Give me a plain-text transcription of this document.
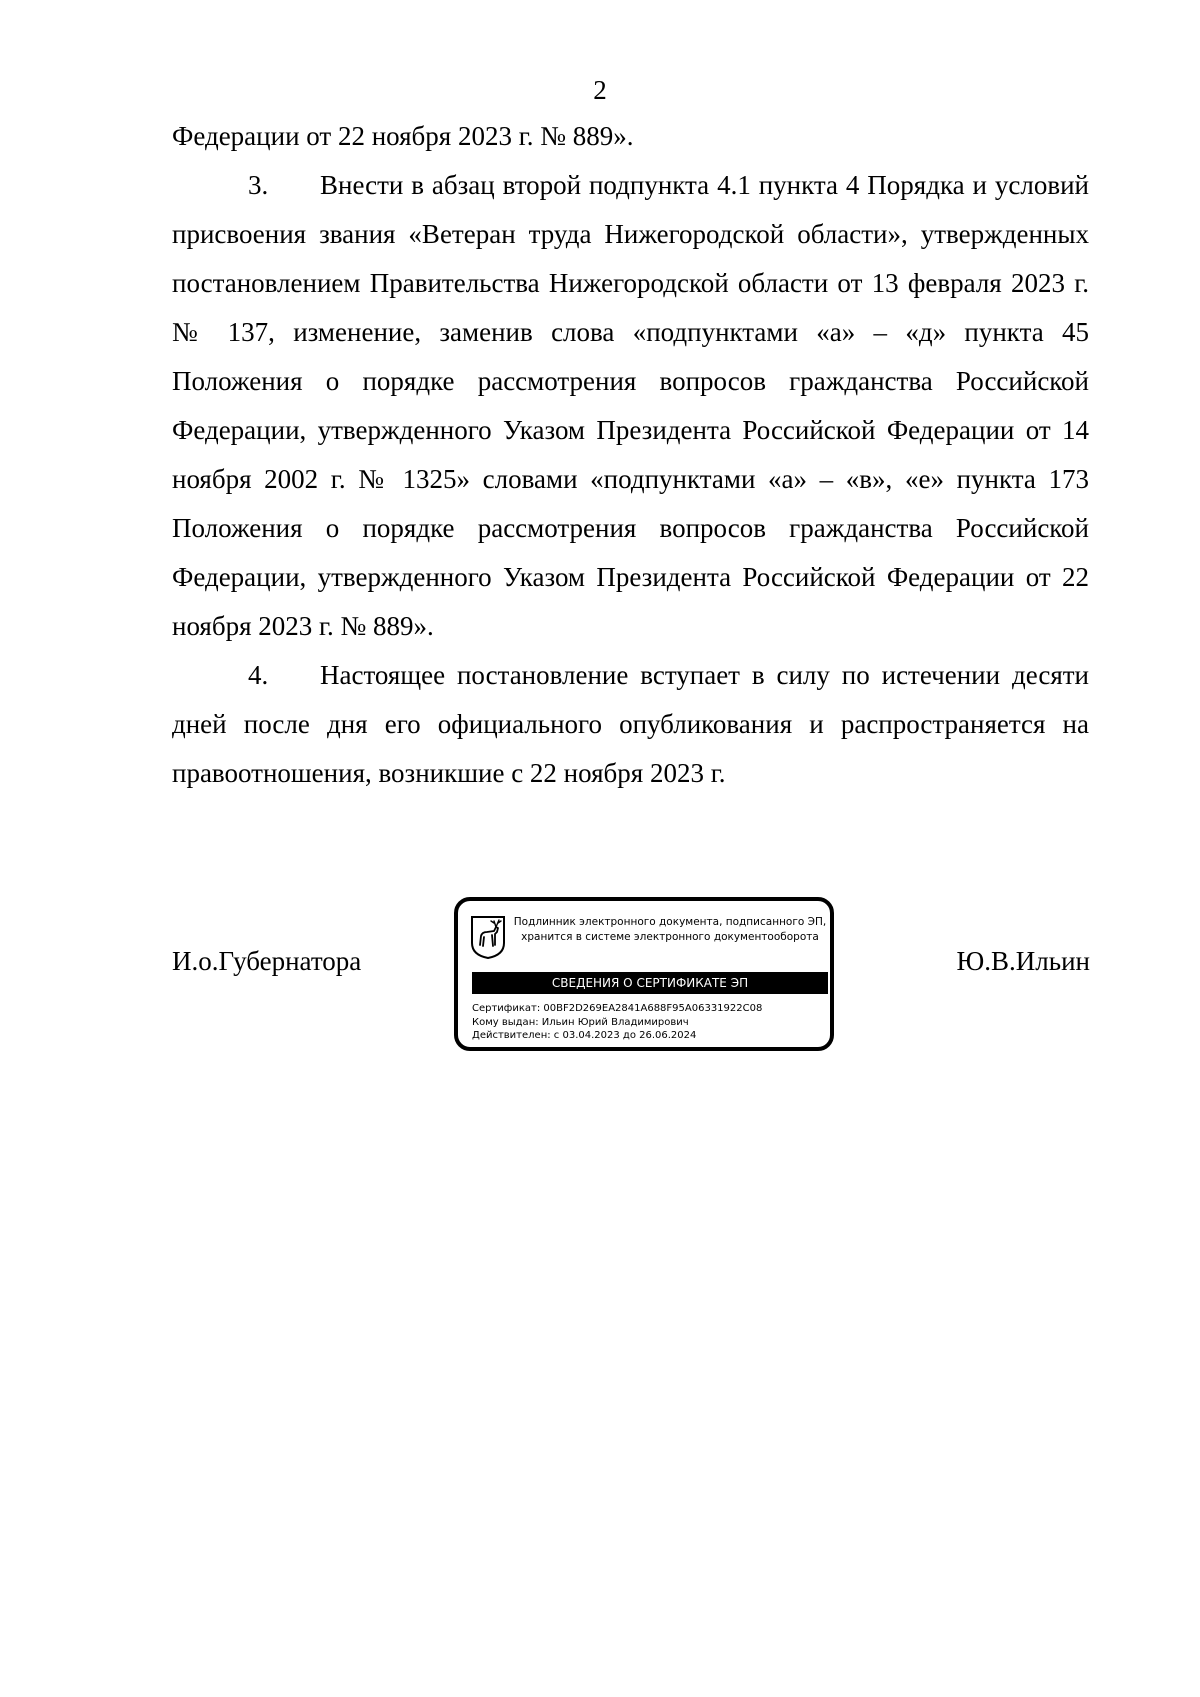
2

Федерации от 22 ноября 2023 г. № 889».

3. Внести в абзац второй подпункта 4.1 пункта 4 Порядка и условий присвоения звания «Ветеран труда Нижегородской области», утвержденных постановлением Правительства Нижегородской области от 13 февраля 2023 г. № 137, изменение, заменив слова «подпунктами «а» – «д» пункта 45 Положения о порядке рассмотрения вопросов гражданства Российской Федерации, утвержденного Указом Президента Российской Федерации от 14 ноября 2002 г. № 1325» словами «подпунктами «а» – «в», «е» пункта 173 Положения о порядке рассмотрения вопросов гражданства Российской Федерации, утвержденного Указом Президента Российской Федерации от 22 ноября 2023 г. № 889».

4. Настоящее постановление вступает в силу по истечении десяти дней после дня его официального опубликования и распространяется на правоотношения, возникшие с 22 ноября 2023 г.

И.о.Губернатора
Подлинник электронного документа, подписанного ЭП,
хранится в системе электронного документооборота
СВЕДЕНИЯ О СЕРТИФИКАТЕ ЭП
Сертификат: 00BF2D269EA2841A688F95A06331922C08
Кому выдан: Ильин Юрий Владимирович
Действителен: с 03.04.2023 до 26.06.2024
Ю.В.Ильин
